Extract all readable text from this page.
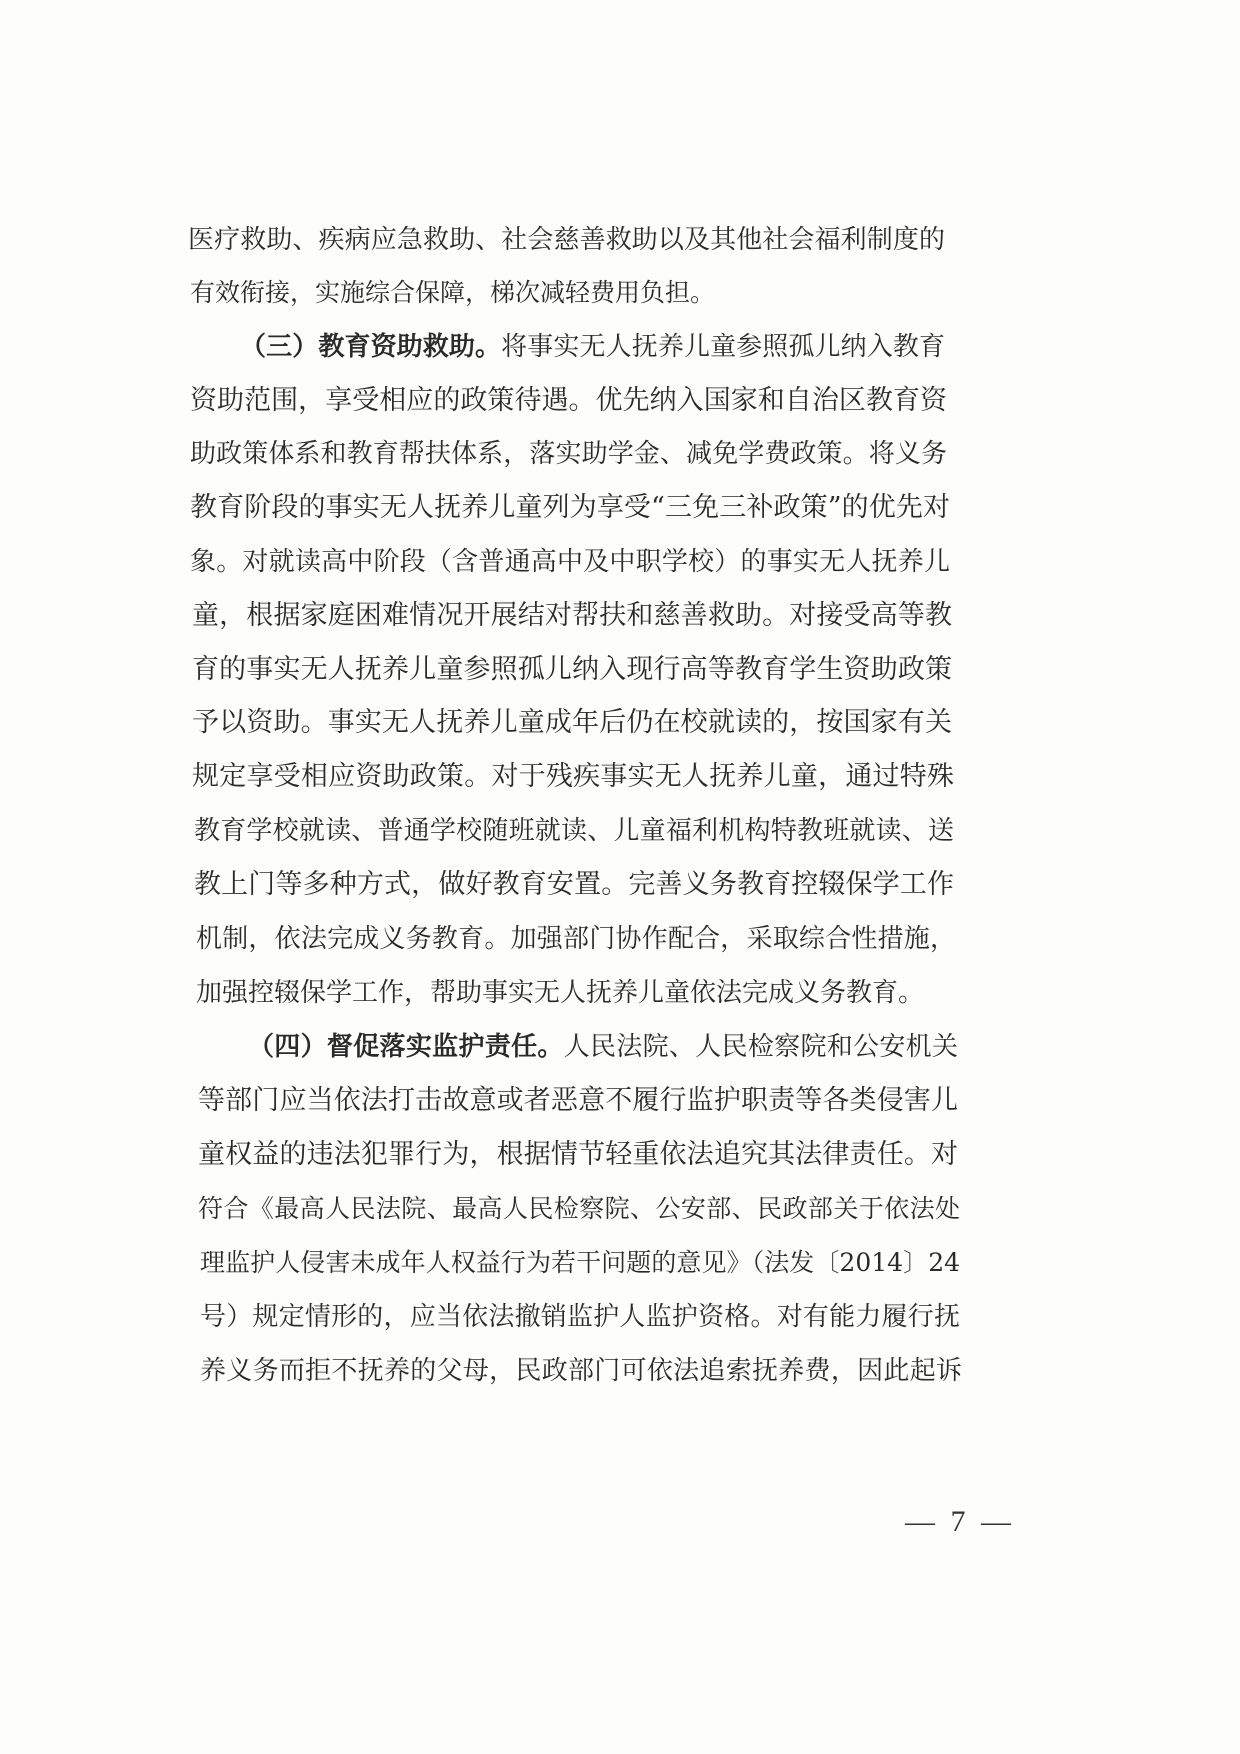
医疗救助、疾病应急救助、社会慈善救助以及其他社会福利制度的
有效衔接，实施综合保障，梯次减轻费用负担。
（三）教育资助救助。将事实无人抚养儿童参照孤儿纳入教育
资助范围，享受相应的政策待遇。优先纳入国家和自治区教育资
助政策体系和教育帮扶体系，落实助学金、减免学费政策。将义务
教育阶段的事实无人抚养儿童列为享受“三免三补政策”的优先对
象。对就读高中阶段（含普通高中及中职学校）的事实无人抚养儿
童，根据家庭困难情况开展结对帮扶和慈善救助。对接受高等教
育的事实无人抚养儿童参照孤儿纳入现行高等教育学生资助政策
予以资助。事实无人抚养儿童成年后仍在校就读的，按国家有关
规定享受相应资助政策。对于残疾事实无人抚养儿童，通过特殊
教育学校就读、普通学校随班就读、儿童福利机构特教班就读、送
教上门等多种方式，做好教育安置。完善义务教育控辍保学工作
机制，依法完成义务教育。加强部门协作配合，采取综合性措施，
加强控辍保学工作，帮助事实无人抚养儿童依法完成义务教育。
（四）督促落实监护责任。人民法院、人民检察院和公安机关
等部门应当依法打击故意或者恶意不履行监护职责等各类侵害儿
童权益的违法犯罪行为，根据情节轻重依法追究其法律责任。对
符合《最高人民法院、最高人民检察院、公安部、民政部关于依法处
理监护人侵害未成年人权益行为若干问题的意见》（法发〔2014〕24
号）规定情形的，应当依法撤销监护人监护资格。对有能力履行抚
养义务而拒不抚养的父母，民政部门可依法追索抚养费，因此起诉
— 7 —
